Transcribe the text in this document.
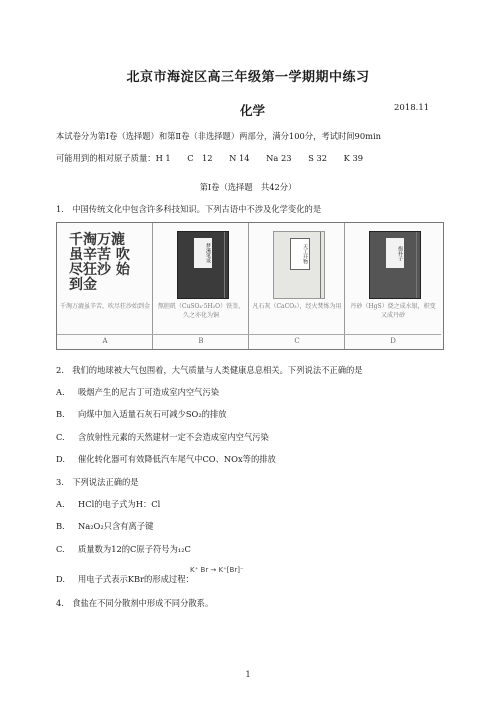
北京市海淀区高三年级第一学期期中练习
化学	2018.11
本试卷分为第Ⅰ卷（选择题）和第Ⅱ卷（非选择题）两部分，满分100分，考试时间90min
可能用到的相对原子质量：H 1　　C　12　　N 14　　Na 23　　S 32　　K 39
第Ⅰ卷（选择题　共42分）
1.　中国传统文化中包含许多科技知识。下列古语中不涉及化学变化的是
千淘万漉 虽辛苦 吹尽狂沙 始到金
千淘万漉虽辛苦，吹尽狂沙始到金
A
梦溪笔谈
熬胆矾（CuSO₄·5H₂O）铁釜，久之亦化为铜
B
天工开物
凡石灰（CaCO₃），经火焚炼为用
C
抱朴子
丹砂（HgS）烧之成水银，积变又成丹砂
D
2.　我们的地球被大气包围着，大气质量与人类健康息息相关。下列说法不正确的是
A. 吸烟产生的尼古丁可造成室内空气污染
B. 向煤中加入适量石灰石可减少SO₂的排放
C. 含放射性元素的天然建材一定不会造成室内空气污染
D. 催化转化器可有效降低汽车尾气中CO、NOx等的排放
3.　下列说法正确的是
A. HCl的电子式为H：Cl
B. Na₂O₂只含有离子键
C. 质量数为12的C原子符号为₁₂C
K⁺ Br → K⁺[Br]⁻
D. 用电子式表示KBr的形成过程：
4.　食盐在不同分散剂中形成不同分散系。
1
